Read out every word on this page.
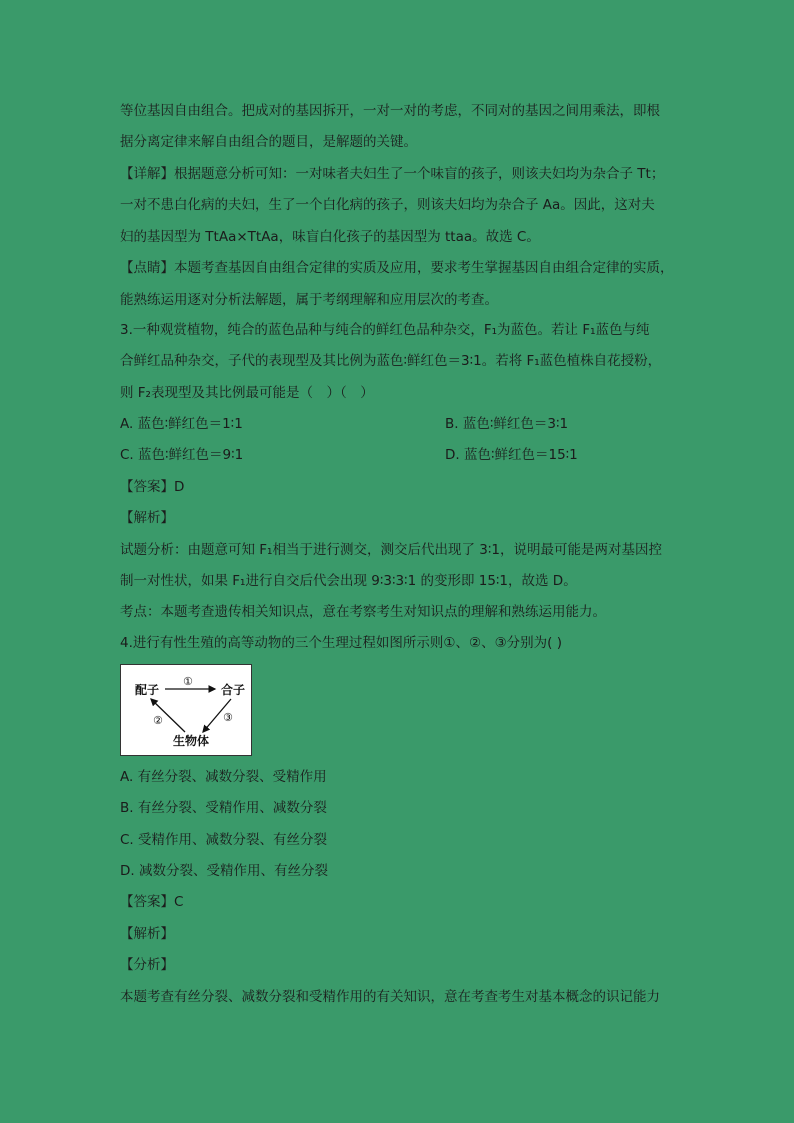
等位基因自由组合。把成对的基因拆开，一对一对的考虑，不同对的基因之间用乘法，即根
据分离定律来解自由组合的题目，是解题的关键。
【详解】根据题意分析可知：一对味者夫妇生了一个味盲的孩子，则该夫妇均为杂合子 Tt；
一对不患白化病的夫妇，生了一个白化病的孩子，则该夫妇均为杂合子 Aa。因此，这对夫
妇的基因型为 TtAa×TtAa，味盲白化孩子的基因型为 ttaa。故选 C。
【点睛】本题考查基因自由组合定律的实质及应用，要求考生掌握基因自由组合定律的实质，
能熟练运用逐对分析法解题，属于考纲理解和应用层次的考查。
3.一种观赏植物，纯合的蓝色品种与纯合的鲜红色品种杂交，F₁为蓝色。若让 F₁蓝色与纯
合鲜红品种杂交，子代的表现型及其比例为蓝色∶鲜红色＝3∶1。若将 F₁蓝色植株自花授粉，
则 F₂表现型及其比例最可能是（　）（　）
A. 蓝色∶鲜红色＝1∶1	B. 蓝色∶鲜红色＝3∶1
C. 蓝色∶鲜红色＝9∶1	D. 蓝色∶鲜红色＝15∶1
【答案】D
【解析】
试题分析：由题意可知 F₁相当于进行测交，测交后代出现了 3∶1，说明最可能是两对基因控
制一对性状，如果 F₁进行自交后代会出现 9∶3∶3∶1 的变形即 15∶1，故选 D。
考点：本题考查遗传相关知识点，意在考察考生对知识点的理解和熟练运用能力。
4.进行有性生殖的高等动物的三个生理过程如图所示则①、②、③分别为( )
配子	合子
生物体
①
②	③
A. 有丝分裂、减数分裂、受精作用
B. 有丝分裂、受精作用、减数分裂
C. 受精作用、减数分裂、有丝分裂
D. 减数分裂、受精作用、有丝分裂
【答案】C
【解析】
【分析】
本题考查有丝分裂、减数分裂和受精作用的有关知识，意在考查考生对基本概念的识记能力
